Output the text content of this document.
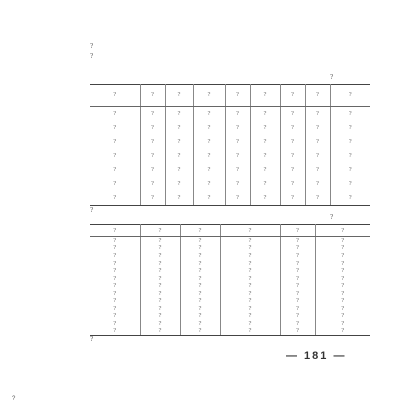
?
?
?
?	?	?	?	?	?	?	?	?
?	?	?	?	?	?	?	?	?
?	?	?	?	?	?	?	?	?
?	?	?	?	?	?	?	?	?
?	?	?	?	?	?	?	?	?
?	?	?	?	?	?	?	?	?
?	?	?	?	?	?	?	?	?
?	?	?	?	?	?	?	?	?
?
?
?	?	?	?	?	?
?	?	?	?	?	?
?	?	?	?	?	?
?	?	?	?	?	?
?	?	?	?	?	?
?	?	?	?	?	?
?	?	?	?	?	?
?	?	?	?	?	?
?	?	?	?	?	?
?	?	?	?	?	?
?	?	?	?	?	?
?	?	?	?	?	?
?	?	?	?	?	?
?	?	?	?	?	?
?
— 181 —
?
